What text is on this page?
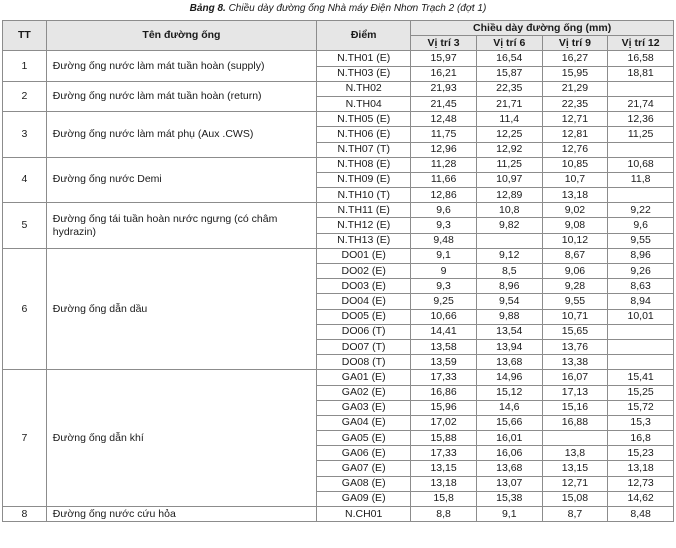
Bảng 8. Chiều dày đường ống Nhà máy Điện Nhơn Trạch 2 (đợt 1)
TT	Tên đường ống	Điểm	Chiều dày đường ống (mm)			
			Vị trí 3	Vị trí 6	Vị trí 9	Vị trí 12
1	Đường ống nước làm mát tuần hoàn (supply)	N.TH01 (E)	15,97	16,54	16,27	16,58
		N.TH03 (E)	16,21	15,87	15,95	18,81
2	Đường ống nước làm mát tuần hoàn (return)	N.TH02	21,93	22,35	21,29	
		N.TH04	21,45	21,71	22,35	21,74
3	Đường ống nước làm mát phụ (Aux .CWS)	N.TH05 (E)	12,48	11,4	12,71	12,36
		N.TH06 (E)	11,75	12,25	12,81	11,25
		N.TH07 (T)	12,96	12,92	12,76	
4	Đường ống nước Demi	N.TH08 (E)	11,28	11,25	10,85	10,68
		N.TH09 (E)	11,66	10,97	10,7	11,8
		N.TH10 (T)	12,86	12,89	13,18	
5	Đường ống tái tuần hoàn nước ngưng (có châm hydrazin)	N.TH11 (E)	9,6	10,8	9,02	9,22
		N.TH12 (E)	9,3	9,82	9,08	9,6
		N.TH13 (E)	9,48		10,12	9,55
6	Đường ống dẫn dầu	DO01 (E)	9,1	9,12	8,67	8,96
		DO02 (E)	9	8,5	9,06	9,26
		DO03 (E)	9,3	8,96	9,28	8,63
		DO04 (E)	9,25	9,54	9,55	8,94
		DO05 (E)	10,66	9,88	10,71	10,01
		DO06 (T)	14,41	13,54	15,65	
		DO07 (T)	13,58	13,94	13,76	
		DO08 (T)	13,59	13,68	13,38	
7	Đường ống dẫn khí	GA01 (E)	17,33	14,96	16,07	15,41
		GA02 (E)	16,86	15,12	17,13	15,25
		GA03 (E)	15,96	14,6	15,16	15,72
		GA04 (E)	17,02	15,66	16,88	15,3
		GA05 (E)	15,88	16,01		16,8
		GA06 (E)	17,33	16,06	13,8	15,23
		GA07 (E)	13,15	13,68	13,15	13,18
		GA08 (E)	13,18	13,07	12,71	12,73
		GA09 (E)	15,8	15,38	15,08	14,62
8	Đường ống nước cứu hỏa	N.CH01	8,8	9,1	8,7	8,48
